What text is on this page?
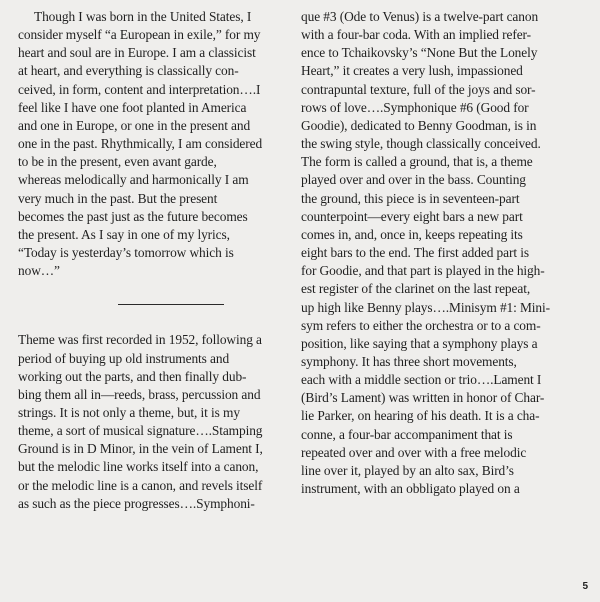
Though I was born in the United States, I
consider myself “a European in exile,” for my
heart and soul are in Europe. I am a classicist
at heart, and everything is classically con-
ceived, in form, content and interpretation….I
feel like I have one foot planted in America
and one in Europe, or one in the present and
one in the past. Rhythmically, I am considered
to be in the present, even avant garde,
whereas melodically and harmonically I am
very much in the past. But the present
becomes the past just as the future becomes
the present. As I say in one of my lyrics,
“Today is yesterday’s tomorrow which is
now…”
Theme was first recorded in 1952, following a
period of buying up old instruments and
working out the parts, and then finally dub-
bing them all in—reeds, brass, percussion and
strings. It is not only a theme, but, it is my
theme, a sort of musical signature….Stamping
Ground is in D Minor, in the vein of Lament I,
but the melodic line works itself into a canon,
or the melodic line is a canon, and revels itself
as such as the piece progresses….Symphoni-
que #3 (Ode to Venus) is a twelve-part canon
with a four-bar coda. With an implied refer-
ence to Tchaikovsky’s “None But the Lonely
Heart,” it creates a very lush, impassioned
contrapuntal texture, full of the joys and sor-
rows of love….Symphonique #6 (Good for
Goodie), dedicated to Benny Goodman, is in
the swing style, though classically conceived.
The form is called a ground, that is, a theme
played over and over in the bass. Counting
the ground, this piece is in seventeen-part
counterpoint—every eight bars a new part
comes in, and, once in, keeps repeating its
eight bars to the end. The first added part is
for Goodie, and that part is played in the high-
est register of the clarinet on the last repeat,
up high like Benny plays….Minisym #1: Mini-
sym refers to either the orchestra or to a com-
position, like saying that a symphony plays a
symphony. It has three short movements,
each with a middle section or trio….Lament I
(Bird’s Lament) was written in honor of Char-
lie Parker, on hearing of his death. It is a cha-
conne, a four-bar accompaniment that is
repeated over and over with a free melodic
line over it, played by an alto sax, Bird’s
instrument, with an obbligato played on a
5
